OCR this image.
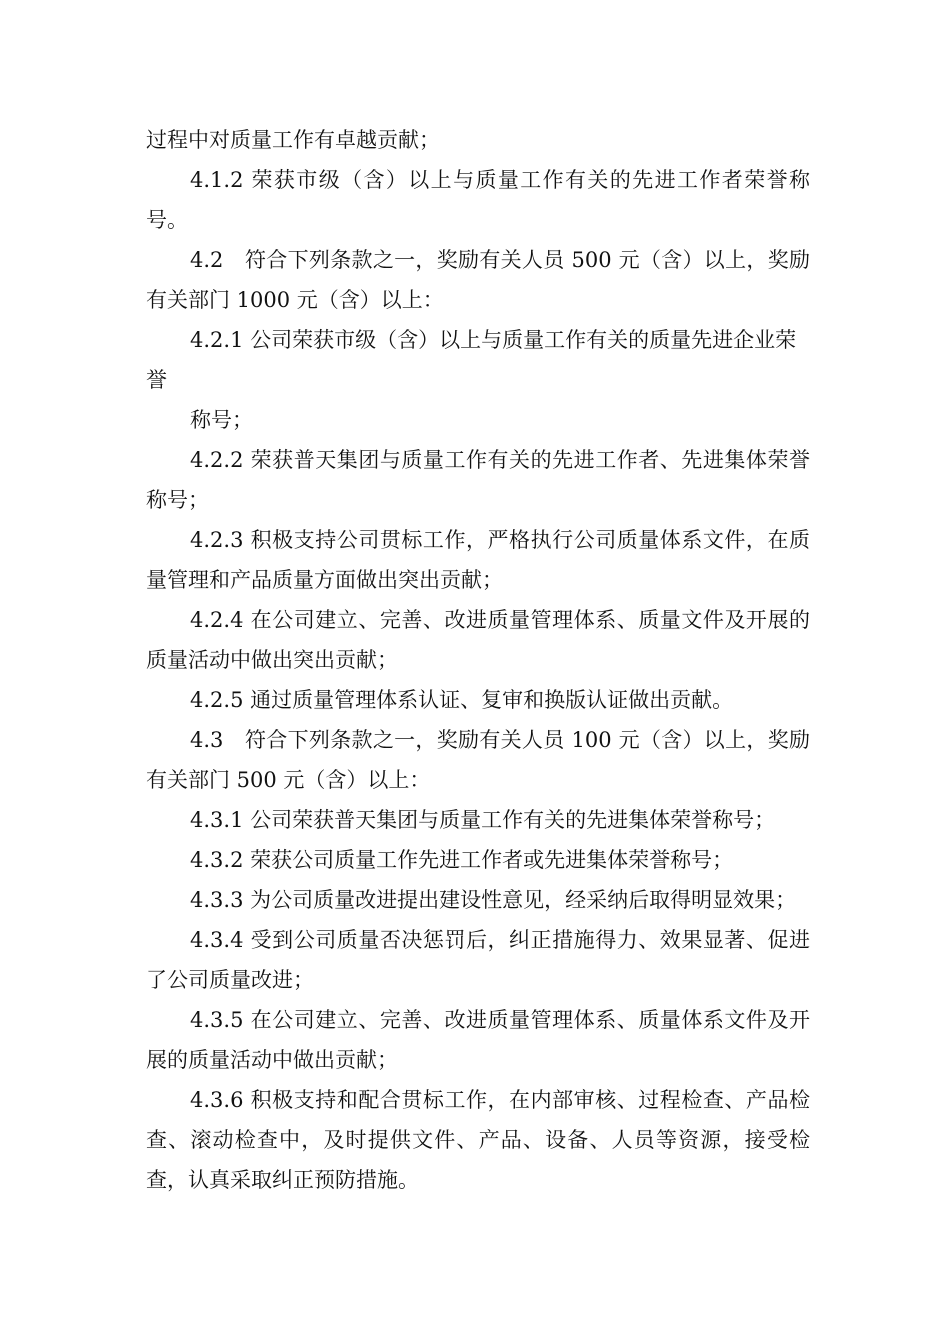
过程中对质量工作有卓越贡献；

4.1.2 荣获市级（含）以上与质量工作有关的先进工作者荣誉称号。

4.2　符合下列条款之一，奖励有关人员 500 元（含）以上，奖励有关部门 1000 元（含）以上：

4.2.1 公司荣获市级（含）以上与质量工作有关的质量先进企业荣誉

称号；

4.2.2 荣获普天集团与质量工作有关的先进工作者、先进集体荣誉称号；

4.2.3 积极支持公司贯标工作，严格执行公司质量体系文件，在质量管理和产品质量方面做出突出贡献；

4.2.4 在公司建立、完善、改进质量管理体系、质量文件及开展的质量活动中做出突出贡献；

4.2.5 通过质量管理体系认证、复审和换版认证做出贡献。

4.3　符合下列条款之一，奖励有关人员 100 元（含）以上，奖励有关部门 500 元（含）以上：

4.3.1 公司荣获普天集团与质量工作有关的先进集体荣誉称号；

4.3.2 荣获公司质量工作先进工作者或先进集体荣誉称号；

4.3.3 为公司质量改进提出建设性意见，经采纳后取得明显效果；

4.3.4 受到公司质量否决惩罚后，纠正措施得力、效果显著、促进了公司质量改进；

4.3.5 在公司建立、完善、改进质量管理体系、质量体系文件及开展的质量活动中做出贡献；

4.3.6 积极支持和配合贯标工作，在内部审核、过程检查、产品检查、滚动检查中，及时提供文件、产品、设备、人员等资源，接受检查，认真采取纠正预防措施。
